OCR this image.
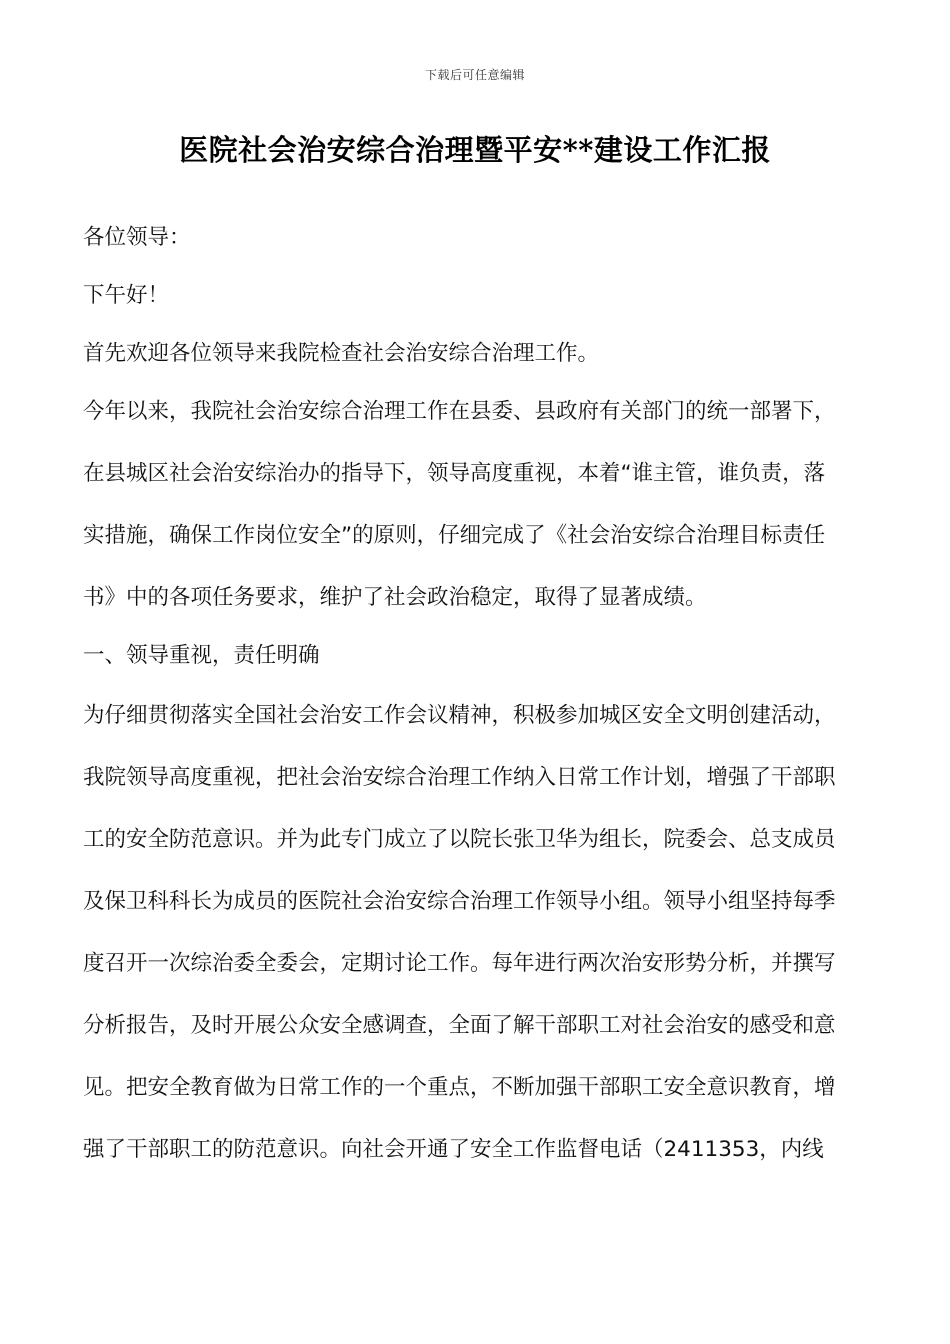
下载后可任意编辑
医院社会治安综合治理暨平安**建设工作汇报
各位领导：
下午好！
首先欢迎各位领导来我院检查社会治安综合治理工作。
今年以来，我院社会治安综合治理工作在县委、县政府有关部门的统一部署下，
在县城区社会治安综治办的指导下，领导高度重视，本着“谁主管，谁负责，落
实措施，确保工作岗位安全”的原则，仔细完成了《社会治安综合治理目标责任
书》中的各项任务要求，维护了社会政治稳定，取得了显著成绩。
一、领导重视，责任明确
为仔细贯彻落实全国社会治安工作会议精神，积极参加城区安全文明创建活动，
我院领导高度重视，把社会治安综合治理工作纳入日常工作计划，增强了干部职
工的安全防范意识。并为此专门成立了以院长张卫华为组长，院委会、总支成员
及保卫科科长为成员的医院社会治安综合治理工作领导小组。领导小组坚持每季
度召开一次综治委全委会，定期讨论工作。每年进行两次治安形势分析，并撰写
分析报告，及时开展公众安全感调查，全面了解干部职工对社会治安的感受和意
见。把安全教育做为日常工作的一个重点，不断加强干部职工安全意识教育，增
强了干部职工的防范意识。向社会开通了安全工作监督电话（2411353，内线
